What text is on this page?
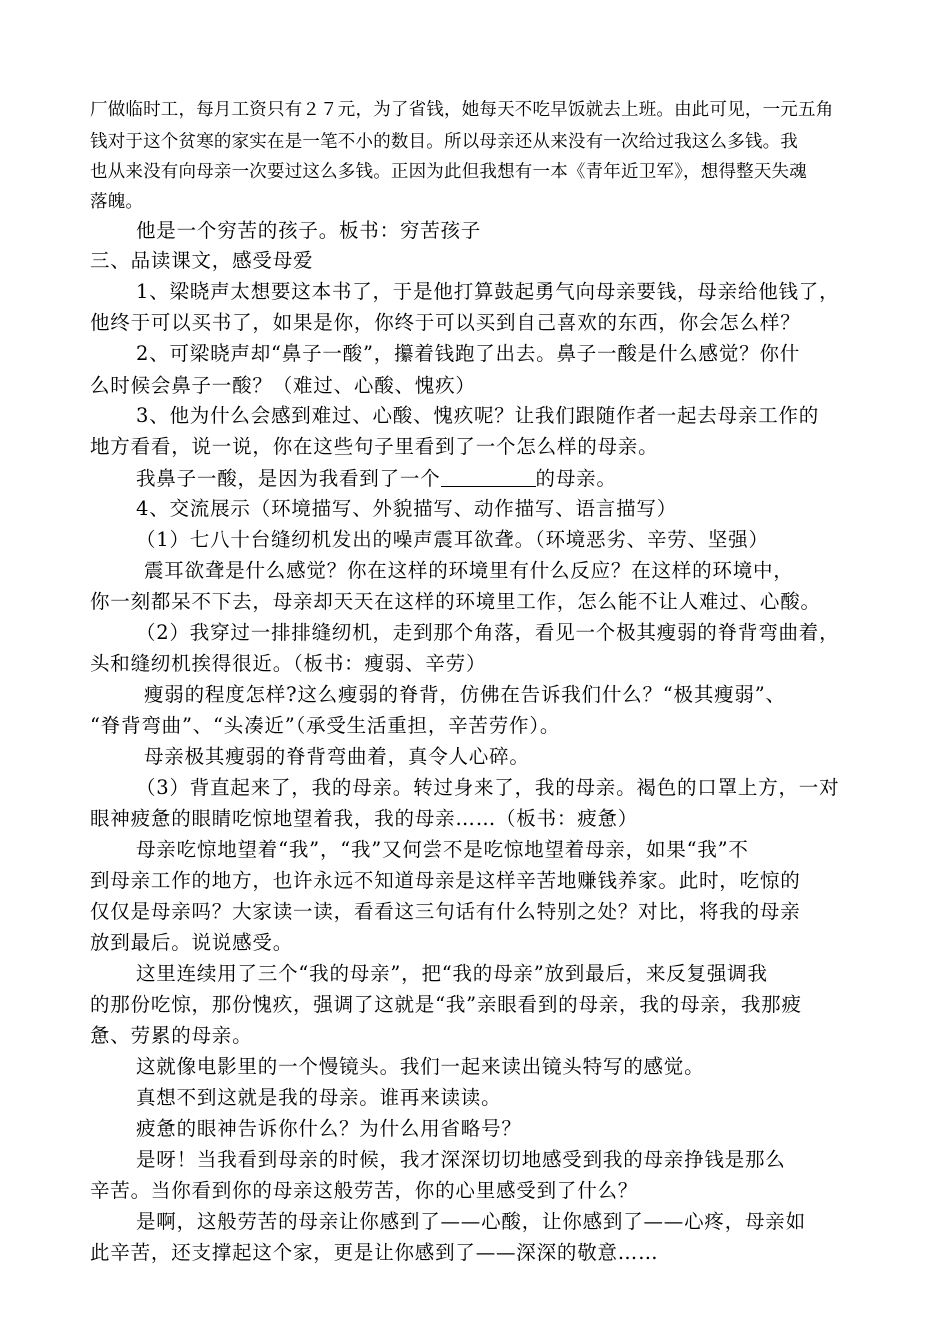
厂做临时工，每月工资只有２７元，为了省钱，她每天不吃早饭就去上班。由此可见，一元五角
钱对于这个贫寒的家实在是一笔不小的数目。所以母亲还从来没有一次给过我这么多钱。我
也从来没有向母亲一次要过这么多钱。正因为此但我想有一本《青年近卫军》，想得整天失魂
落魄。
他是一个穷苦的孩子。板书：穷苦孩子
三、品读课文，感受母爱
1、梁晓声太想要这本书了，于是他打算鼓起勇气向母亲要钱，母亲给他钱了，
他终于可以买书了，如果是你，你终于可以买到自己喜欢的东西，你会怎么样？
2、可梁晓声却“鼻子一酸”，攥着钱跑了出去。鼻子一酸是什么感觉？你什
么时候会鼻子一酸？（难过、心酸、愧疚）
3、他为什么会感到难过、心酸、愧疚呢？让我们跟随作者一起去母亲工作的
地方看看，说一说，你在这些句子里看到了一个怎么样的母亲。
我鼻子一酸，是因为我看到了一个	的母亲。
4、交流展示（环境描写、外貌描写、动作描写、语言描写）
（1）七八十台缝纫机发出的噪声震耳欲聋。（环境恶劣、辛劳、坚强）
震耳欲聋是什么感觉？你在这样的环境里有什么反应？在这样的环境中，
你一刻都呆不下去，母亲却天天在这样的环境里工作，怎么能不让人难过、心酸。
（2）我穿过一排排缝纫机，走到那个角落，看见一个极其瘦弱的脊背弯曲着，
头和缝纫机挨得很近。（板书：瘦弱、辛劳）
瘦弱的程度怎样?这么瘦弱的脊背，仿佛在告诉我们什么？“极其瘦弱”、
“脊背弯曲”、“头凑近”（承受生活重担，辛苦劳作）。
母亲极其瘦弱的脊背弯曲着，真令人心碎。
（3）背直起来了，我的母亲。转过身来了，我的母亲。褐色的口罩上方，一对
眼神疲惫的眼睛吃惊地望着我，我的母亲……（板书：疲惫）
母亲吃惊地望着“我”，“我”又何尝不是吃惊地望着母亲，如果“我”不
到母亲工作的地方，也许永远不知道母亲是这样辛苦地赚钱养家。此时，吃惊的
仅仅是母亲吗？大家读一读，看看这三句话有什么特别之处？对比，将我的母亲
放到最后。说说感受。
这里连续用了三个“我的母亲”，把“我的母亲”放到最后，来反复强调我
的那份吃惊，那份愧疚，强调了这就是“我”亲眼看到的母亲，我的母亲，我那疲
惫、劳累的母亲。
这就像电影里的一个慢镜头。我们一起来读出镜头特写的感觉。
真想不到这就是我的母亲。谁再来读读。
疲惫的眼神告诉你什么？为什么用省略号？
是呀！当我看到母亲的时候，我才深深切切地感受到我的母亲挣钱是那么
辛苦。当你看到你的母亲这般劳苦，你的心里感受到了什么？
是啊，这般劳苦的母亲让你感到了——心酸，让你感到了——心疼，母亲如
此辛苦，还支撑起这个家，更是让你感到了——深深的敬意……
